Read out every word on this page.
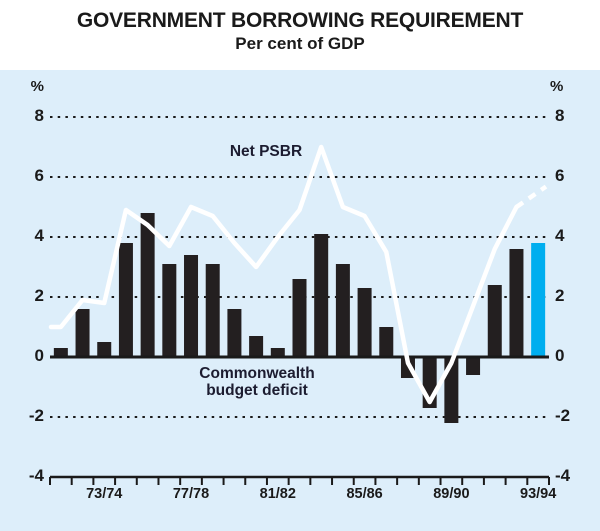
GOVERNMENT BORROWING REQUIREMENT
Per cent of GDP
73/74	77/78	81/82	85/86	89/90	93/94
8	8
6	6
4	4
2	2
0	0
-2	-2
-4	-4
%	%
Net PSBR
Commonwealth
budget deficit
